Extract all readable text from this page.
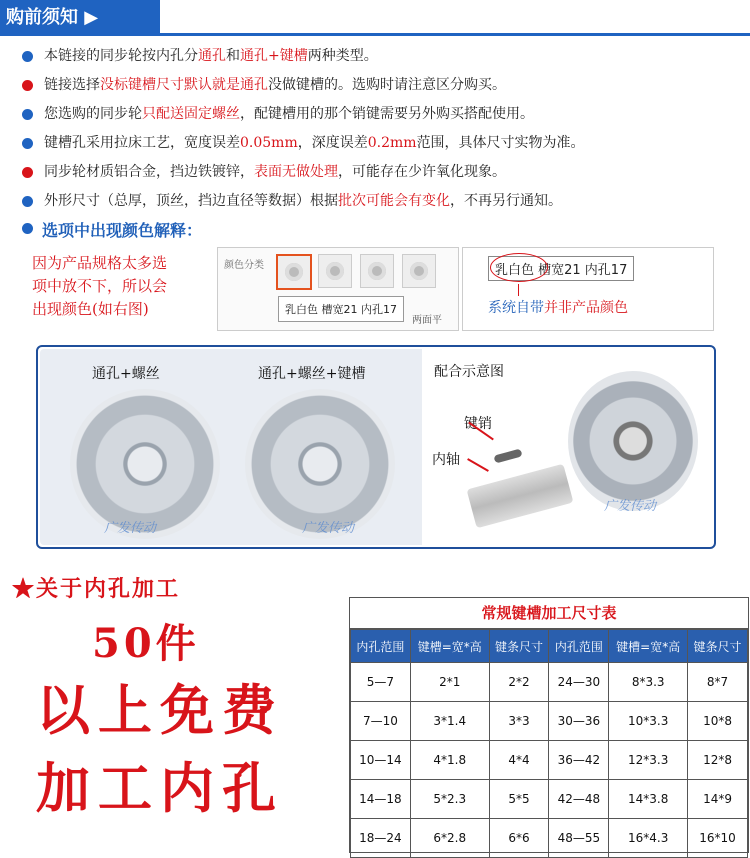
购前须知 ▶
本链接的同步轮按内孔分通孔和通孔+键槽两种类型。
链接选择没标键槽尺寸默认就是通孔没做键槽的。选购时请注意区分购买。
您选购的同步轮只配送固定螺丝，配键槽用的那个销键需要另外购买搭配使用。
键槽孔采用拉床工艺，宽度误差0.05mm，深度误差0.2mm范围，具体尺寸实物为准。
同步轮材质铝合金，挡边铁镀锌，表面无做处理，可能存在少许氧化现象。
外形尺寸（总厚，顶丝，挡边直径等数据）根据批次可能会有变化，不再另行通知。
选项中出现颜色解释：
因为产品规格太多选
项中放不下，所以会
出现颜色(如右图)
颜色分类
乳白色 槽宽21 内孔17
两面平
乳白色 槽宽21 内孔17
系统自带并非产品颜色
通孔+螺丝	通孔+螺丝+键槽
广发传动	广发传动
配合示意图
键销
内轴
广发传动
★关于内孔加工
50件
以上免费
加工内孔
常规键槽加工尺寸表
内孔范围	键槽=宽*高	键条尺寸	内孔范围	键槽=宽*高	键条尺寸
5—7	2*1	2*2	24—30	8*3.3	8*7
7—10	3*1.4	3*3	30—36	10*3.3	10*8
10—14	4*1.8	4*4	36—42	12*3.3	12*8
14—18	5*2.3	5*5	42—48	14*3.8	14*9
18—24	6*2.8	6*6	48—55	16*4.3	16*10
